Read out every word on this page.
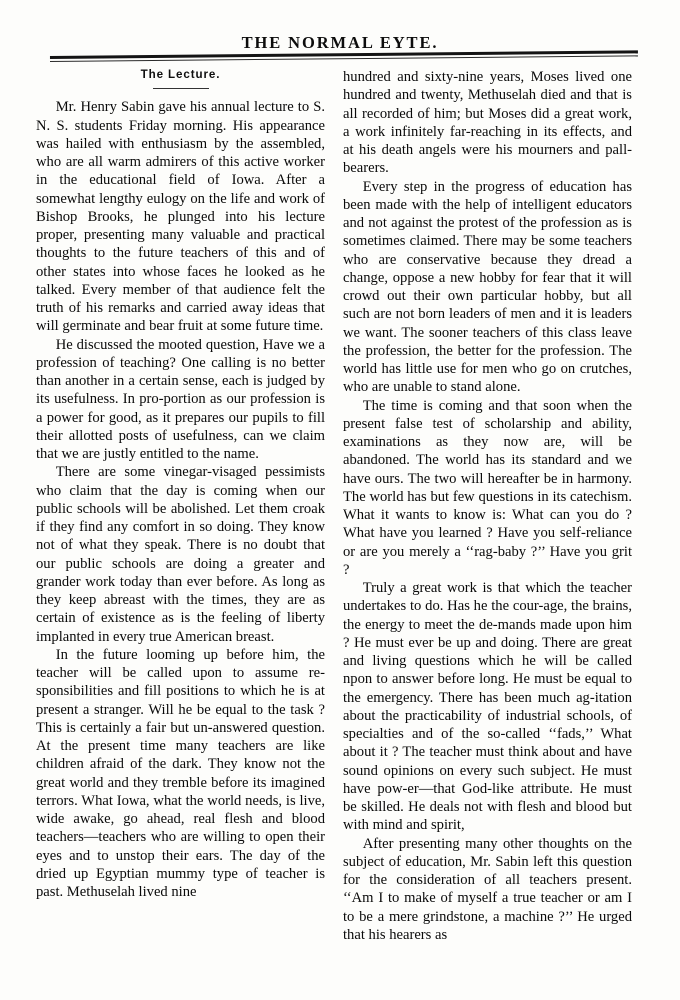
THE NORMAL EYTE.
The Lecture.

Mr. Henry Sabin gave his annual lecture to S. N. S. students Friday morning. His appearance was hailed with enthusiasm by the assembled, who are all warm admirers of this active worker in the educational field of Iowa. After a somewhat lengthy eulogy on the life and work of Bishop Brooks, he plunged into his lecture proper, presenting many valuable and practical thoughts to the future teachers of this and of other states into whose faces he looked as he talked. Every member of that audience felt the truth of his remarks and carried away ideas that will germinate and bear fruit at some future time.

He discussed the mooted question, Have we a profession of teaching? One calling is no better than another in a certain sense, each is judged by its usefulness. In pro-portion as our profession is a power for good, as it prepares our pupils to fill their allotted posts of usefulness, can we claim that we are justly entitled to the name.

There are some vinegar-visaged pessimists who claim that the day is coming when our public schools will be abolished. Let them croak if they find any comfort in so doing. They know not of what they speak. There is no doubt that our public schools are doing a greater and grander work today than ever before. As long as they keep abreast with the times, they are as certain of existence as is the feeling of liberty implanted in every true American breast.

In the future looming up before him, the teacher will be called upon to assume re-sponsibilities and fill positions to which he is at present a stranger. Will he be equal to the task ? This is certainly a fair but un-answered question. At the present time many teachers are like children afraid of the dark. They know not the great world and they tremble before its imagined terrors. What Iowa, what the world needs, is live, wide awake, go ahead, real flesh and blood teachers—teachers who are willing to open their eyes and to unstop their ears. The day of the dried up Egyptian mummy type of teacher is past. Methuselah lived nine

hundred and sixty-nine years, Moses lived one hundred and twenty, Methuselah died and that is all recorded of him; but Moses did a great work, a work infinitely far-reaching in its effects, and at his death angels were his mourners and pall-bearers.

Every step in the progress of education has been made with the help of intelligent educators and not against the protest of the profession as is sometimes claimed. There may be some teachers who are conservative because they dread a change, oppose a new hobby for fear that it will crowd out their own particular hobby, but all such are not born leaders of men and it is leaders we want. The sooner teachers of this class leave the profession, the better for the profession. The world has little use for men who go on crutches, who are unable to stand alone.

The time is coming and that soon when the present false test of scholarship and ability, examinations as they now are, will be abandoned. The world has its standard and we have ours. The two will hereafter be in harmony. The world has but few questions in its catechism. What it wants to know is: What can you do ? What have you learned ? Have you self-reliance or are you merely a ‘‘rag-baby ?’’ Have you grit ?

Truly a great work is that which the teacher undertakes to do. Has he the cour-age, the brains, the energy to meet the de-mands made upon him ? He must ever be up and doing. There are great and living questions which he will be called npon to answer before long. He must be equal to the emergency. There has been much ag-itation about the practicability of industrial schools, of specialties and of the so-called ‘‘fads,’’ What about it ? The teacher must think about and have sound opinions on every such subject. He must have pow-er—that God-like attribute. He must be skilled. He deals not with flesh and blood but with mind and spirit,

After presenting many other thoughts on the subject of education, Mr. Sabin left this question for the consideration of all teachers present. ‘‘Am I to make of myself a true teacher or am I to be a mere grindstone, a machine ?’’ He urged that his hearers as
